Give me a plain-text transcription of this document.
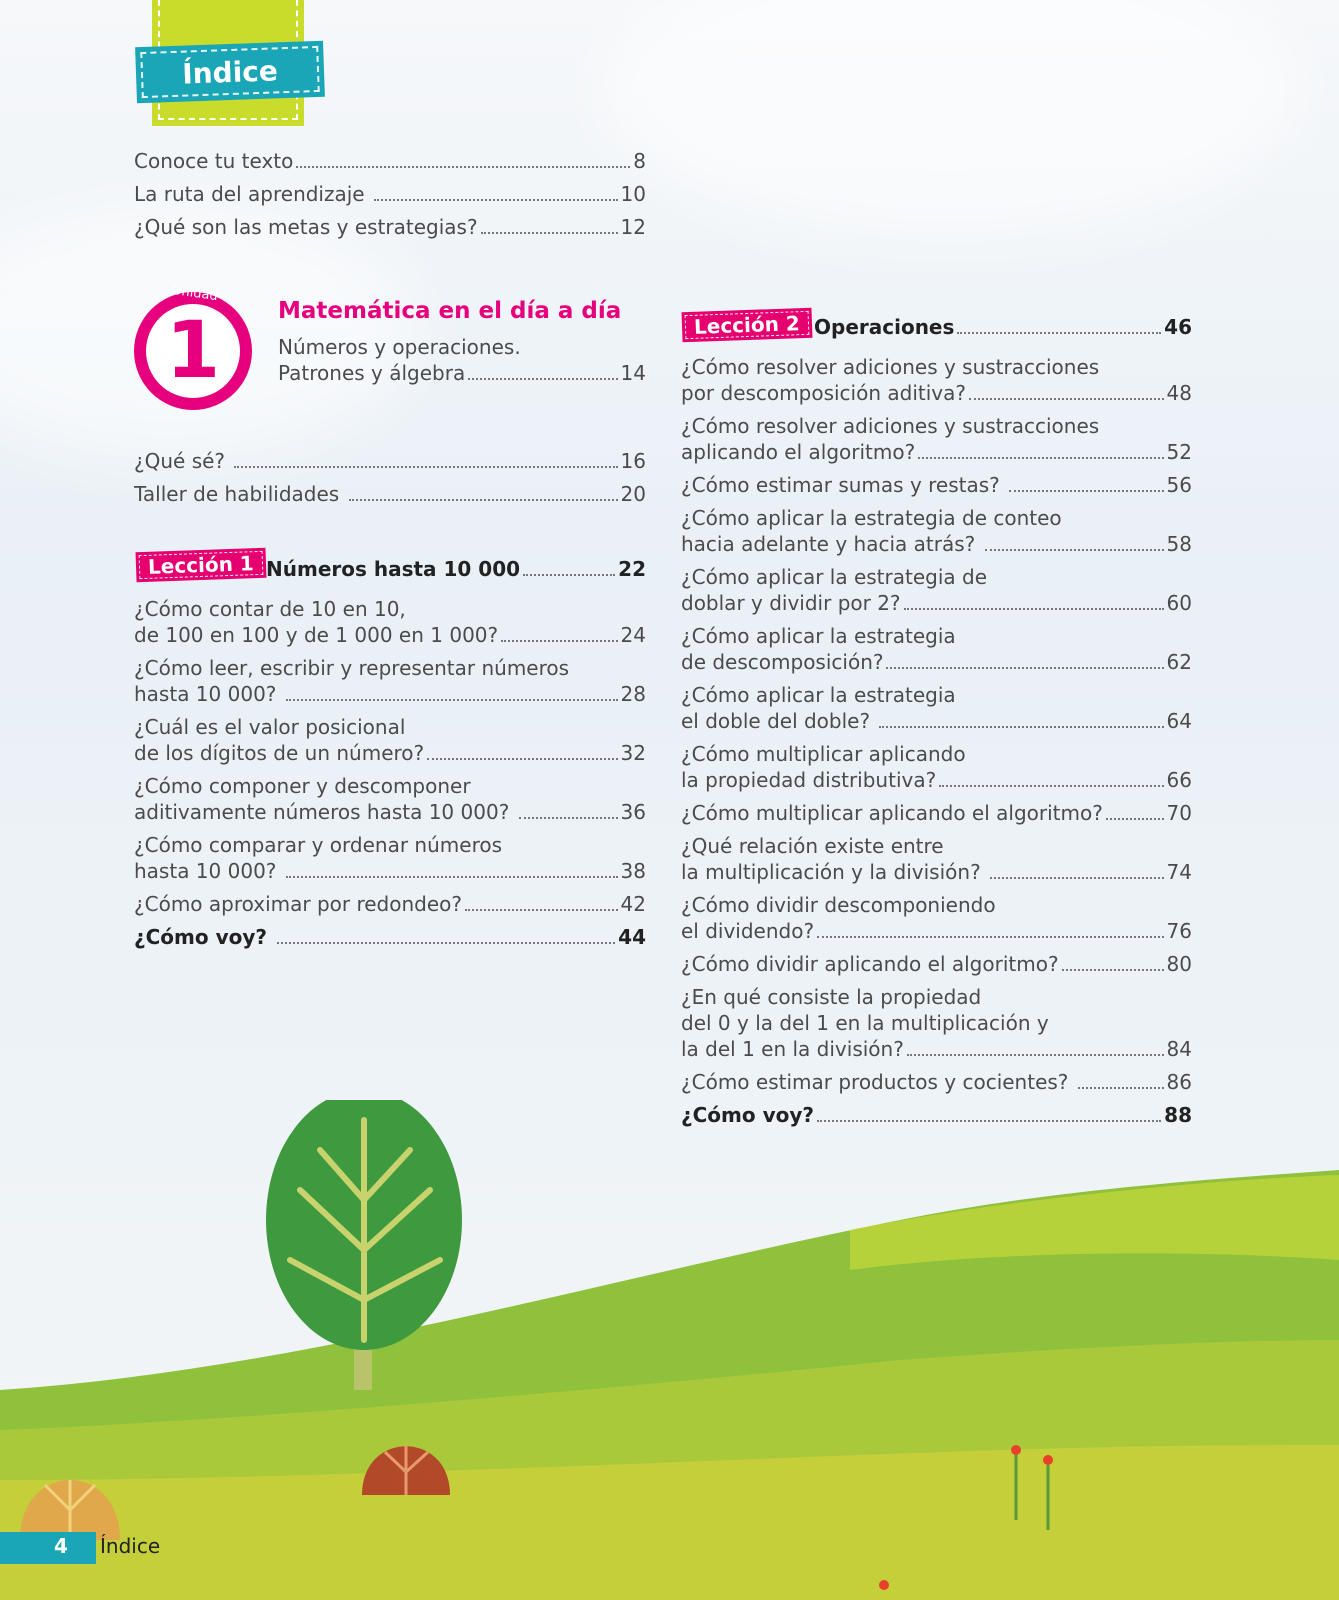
Índice
Conoce tu texto	8
La ruta del aprendizaje	10
¿Qué son las metas y estrategias?	12
1
Unidad
Matemática en el día a día
Números y operaciones.
Patrones y álgebra	14
¿Qué sé?	16
Taller de habilidades	20
Lección 1 Números hasta 10 000	22
¿Cómo contar de 10 en 10,
de 100 en 100 y de 1 000 en 1 000?	24
¿Cómo leer, escribir y representar números
hasta 10 000?	28
¿Cuál es el valor posicional
de los dígitos de un número?	32
¿Cómo componer y descomponer
aditivamente números hasta 10 000?	36
¿Cómo comparar y ordenar números
hasta 10 000?	38
¿Cómo aproximar por redondeo?	42
¿Cómo voy?	44
Lección 2 Operaciones	46
¿Cómo resolver adiciones y sustracciones
por descomposición aditiva?	48
¿Cómo resolver adiciones y sustracciones
aplicando el algoritmo?	52
¿Cómo estimar sumas y restas?	56
¿Cómo aplicar la estrategia de conteo
hacia adelante y hacia atrás?	58
¿Cómo aplicar la estrategia de
doblar y dividir por 2?	60
¿Cómo aplicar la estrategia
de descomposición?	62
¿Cómo aplicar la estrategia
el doble del doble?	64
¿Cómo multiplicar aplicando
la propiedad distributiva?	66
¿Cómo multiplicar aplicando el algoritmo?	70
¿Qué relación existe entre
la multiplicación y la división?	74
¿Cómo dividir descomponiendo
el dividendo?	76
¿Cómo dividir aplicando el algoritmo?	80
¿En qué consiste la propiedad
del 0 y la del 1 en la multiplicación y
la del 1 en la división?	84
¿Cómo estimar productos y cocientes?	86
¿Cómo voy?	88
4 Índice
